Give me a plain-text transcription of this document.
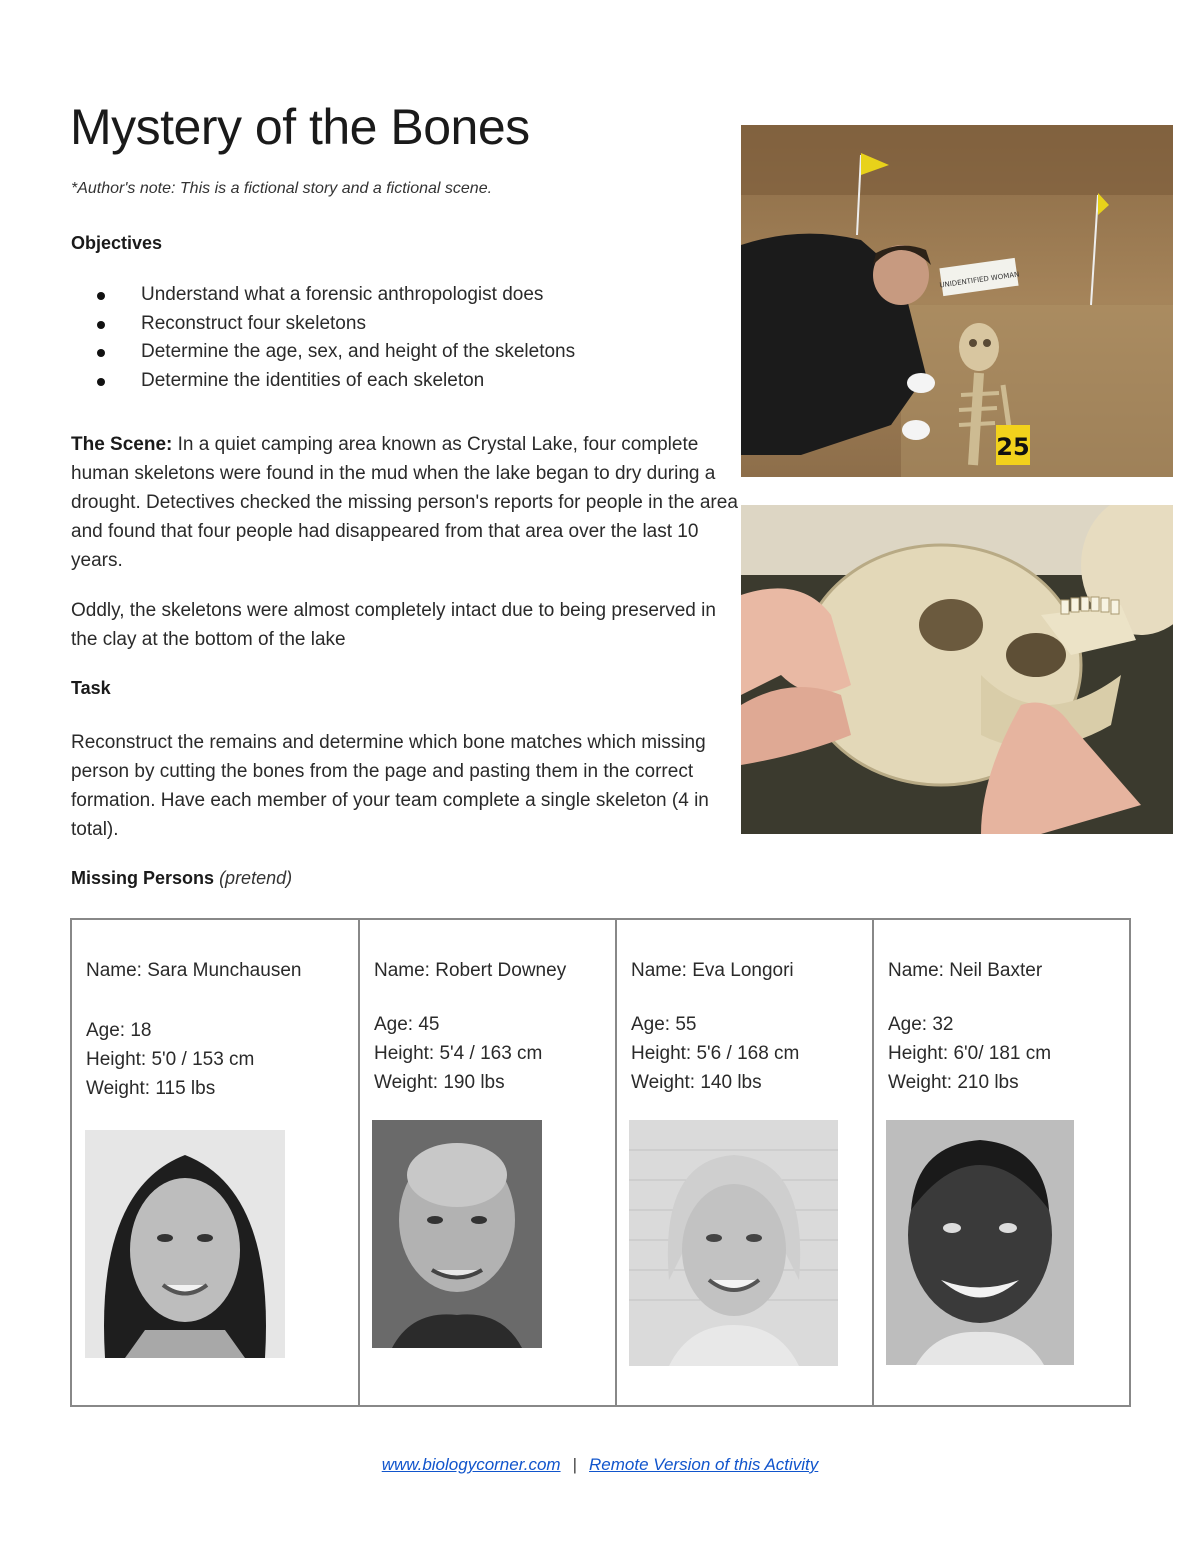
Mystery of the Bones
*Author's note: This is a fictional story and a fictional scene.
Objectives
Understand what a forensic anthropologist does
Reconstruct four skeletons
Determine the age, sex, and height of the skeletons
Determine the identities of each skeleton

The Scene: In a quiet camping area known as Crystal Lake, four complete human skeletons were found in the mud when the lake began to dry during a drought. Detectives checked the missing person's reports for people in the area and found that four people had disappeared from that area over the last 10 years.

Oddly, the skeletons were almost completely intact due to being preserved in the clay at the bottom of the lake

Task

Reconstruct the remains and determine which bone matches which missing person by cutting the bones from the page and pasting them in the correct formation. Have each member of your team complete a single skeleton (4 in total).

Missing Persons (pretend)
UNIDENTIFIED WOMAN
25
Name: Sara Munchausen
Age: 18
Height: 5'0 / 153 cm
Weight: 115 lbs
Name: Robert Downey
Age: 45
Height: 5'4 / 163 cm
Weight: 190 lbs
Name: Eva Longori
Age: 55
Height: 5'6 / 168 cm
Weight: 140 lbs
Name: Neil Baxter
Age: 32
Height: 6'0/ 181 cm
Weight: 210 lbs
www.biologycorner.com | Remote Version of this Activity
